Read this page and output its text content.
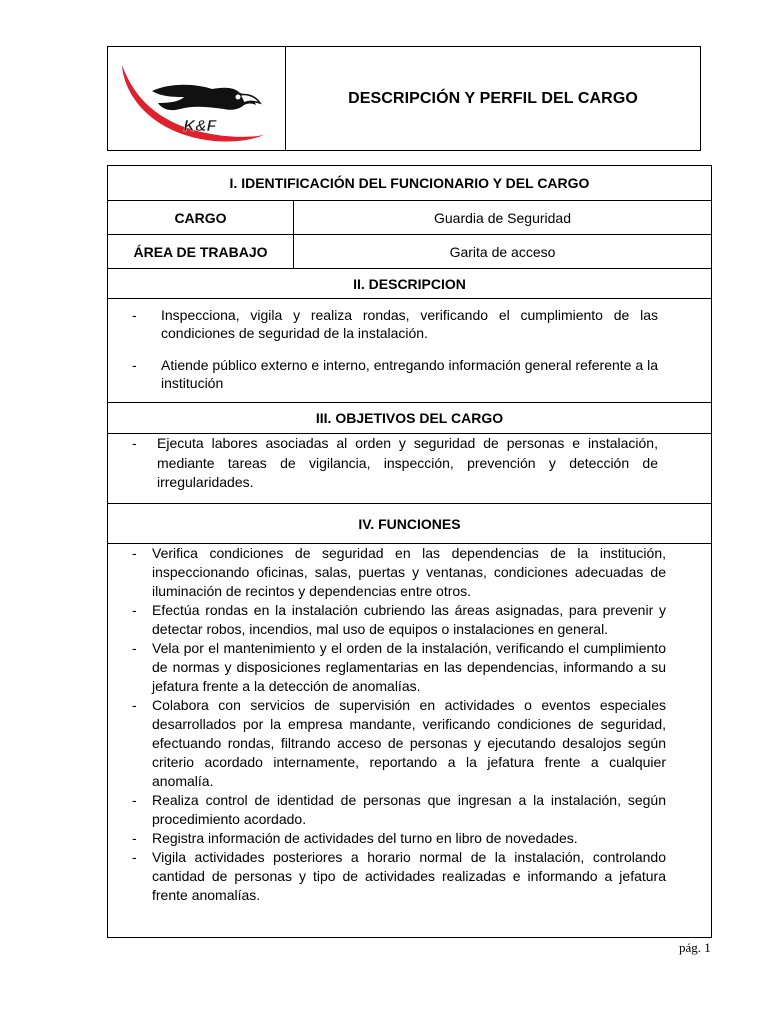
K&F
DESCRIPCIÓN Y PERFIL DEL CARGO
I. IDENTIFICACIÓN DEL FUNCIONARIO Y DEL CARGO
CARGO	Guardia de Seguridad
ÁREA DE TRABAJO	Garita de acceso
II. DESCRIPCION
-	Inspecciona, vigila y realiza rondas, verificando el cumplimiento de las condiciones de seguridad de la instalación.
-	Atiende público externo e interno, entregando información general referente a la institución
III. OBJETIVOS DEL CARGO
-	Ejecuta labores asociadas al orden y seguridad de personas e instalación, mediante tareas de vigilancia, inspección, prevención y detección de irregularidades.
IV. FUNCIONES
-	Verifica condiciones de seguridad en las dependencias de la institución, inspeccionando oficinas, salas, puertas y ventanas, condiciones adecuadas de iluminación de recintos y dependencias entre otros.
-	Efectúa rondas en la instalación cubriendo las áreas asignadas, para prevenir y detectar robos, incendios, mal uso de equipos o instalaciones en general.
-	Vela por el mantenimiento y el orden de la instalación, verificando el cumplimiento de normas y disposiciones reglamentarias en las dependencias, informando a su jefatura frente a la detección de anomalías.
-	Colabora con servicios de supervisión en actividades o eventos especiales desarrollados por la empresa mandante, verificando condiciones de seguridad, efectuando rondas, filtrando acceso de personas y ejecutando desalojos según criterio acordado internamente, reportando a la jefatura frente a cualquier anomalía.
-	Realiza control de identidad de personas que ingresan a la instalación, según procedimiento acordado.
-	Registra información de actividades del turno en libro de novedades.
-	Vigila actividades posteriores a horario normal de la instalación, controlando cantidad de personas y tipo de actividades realizadas e informando a jefatura frente anomalías.
pág. 1
